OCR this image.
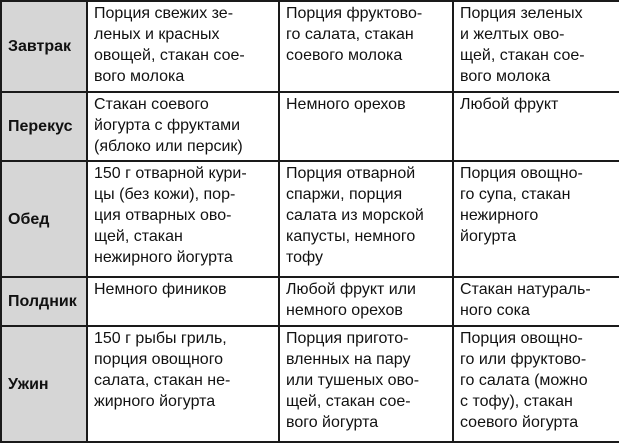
Завтрак	Порция свежих зе-
леных и красных
овощей, стакан сое-
вого молока	Порция фруктово-
го салата, стакан
соевого молока	Порция зеленых
и желтых ово-
щей, стакан сое-
вого молока

Перекус	Стакан соевого
йогурта с фруктами
(яблоко или персик)	Немного орехов	Любой фрукт

Обед	150 г отварной кури-
цы (без кожи), пор-
ция отварных ово-
щей, стакан
нежирного йогурта	Порция отварной
спаржи, порция
салата из морской
капусты, немного
тофу	Порция овощно-
го супа, стакан
нежирного
йогурта

Полдник	Немного фиников	Любой фрукт или
немного орехов	Стакан натураль-
ного сока

Ужин	150 г рыбы гриль,
порция овощного
салата, стакан не-
жирного йогурта	Порция пригото-
вленных на пару
или тушеных ово-
щей, стакан сое-
вого йогурта	Порция овощно-
го или фруктово-
го салата (можно
с тофу), стакан
соевого йогурта
